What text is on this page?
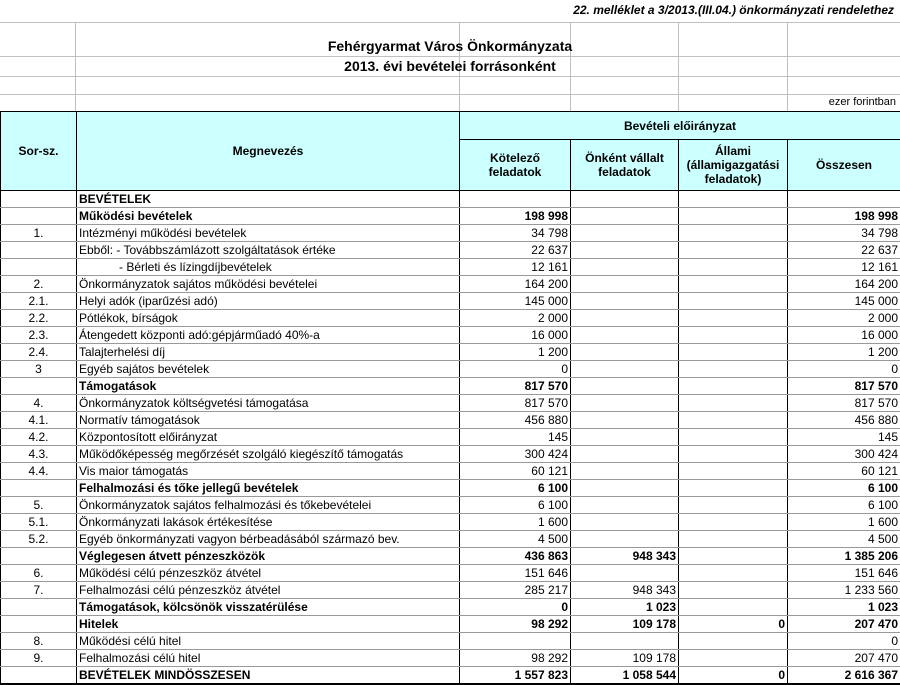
22. melléklet a 3/2013.(III.04.) önkormányzati rendelethez
Fehérgyarmat Város Önkormányzata
2013. évi bevételei forrásonként
ezer forintban
Sor-sz.	Megnevezés	Bevételi előirányzat			
		Kötelező feladatok	Önként vállalt feladatok	Állami (államigazgatási feladatok)	Összesen
	BEVÉTELEK				
	Működési bevételek	198 998			198 998
1.	Intézményi működési bevételek	34 798			34 798
	Ebből: - Továbbszámlázott szolgáltatások értéke	22 637			22 637
	- Bérleti és lízingdíjbevételek	12 161			12 161
2.	Önkormányzatok sajátos működési bevételei	164 200			164 200
2.1.	Helyi adók (iparűzési adó)	145 000			145 000
2.2.	Pótlékok, bírságok	2 000			2 000
2.3.	Átengedett központi adó:gépjárműadó 40%-a	16 000			16 000
2.4.	Talajterhelési díj	1 200			1 200
3	Egyéb sajátos bevételek	0			0
	Támogatások	817 570			817 570
4.	Önkormányzatok költségvetési támogatása	817 570			817 570
4.1.	Normatív támogatások	456 880			456 880
4.2.	Központosított előirányzat	145			145
4.3.	Működőképesség megőrzését szolgáló kiegészítő támogatás	300 424			300 424
4.4.	Vis maior támogatás	60 121			60 121
	Felhalmozási és tőke jellegű bevételek	6 100			6 100
5.	Önkormányzatok sajátos felhalmozási és tőkebevételei	6 100			6 100
5.1.	Önkormányzati lakások értékesítése	1 600			1 600
5.2.	Egyéb önkormányzati vagyon bérbeadásából származó bev.	4 500			4 500
	Véglegesen átvett pénzeszközök	436 863	948 343		1 385 206
6.	Működési célú pénzeszköz átvétel	151 646			151 646
7.	Felhalmozási célú pénzeszköz átvétel	285 217	948 343		1 233 560
	Támogatások, kölcsönök visszatérülése	0	1 023		1 023
	Hitelek	98 292	109 178	0	207 470
8.	Működési célú hitel				0
9.	Felhalmozási célú hitel	98 292	109 178		207 470
	BEVÉTELEK MINDÖSSZESEN	1 557 823	1 058 544	0	2 616 367
